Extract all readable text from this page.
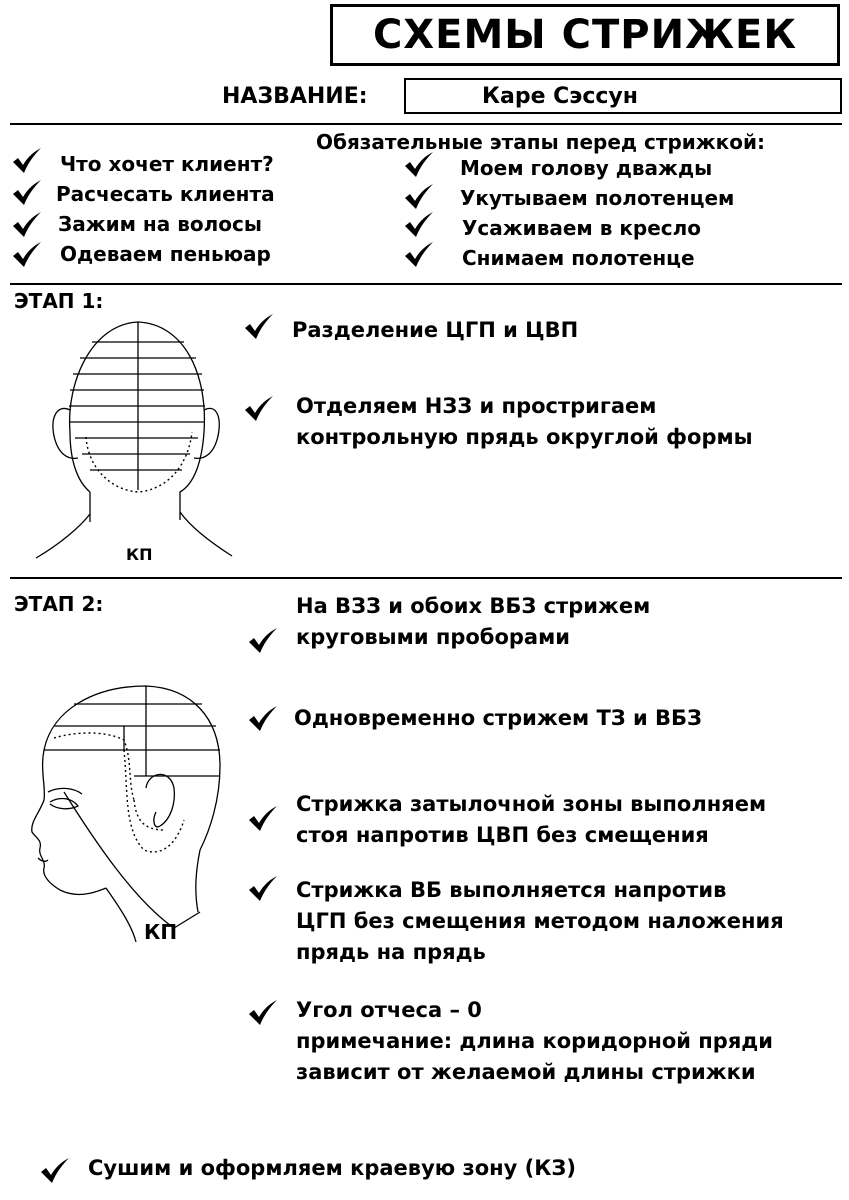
СХЕМЫ СТРИЖЕК
НАЗВАНИЕ:	Каре Сэссун
Обязательные этапы перед стрижкой:
Что хочет клиент?
Расчесать клиента
Зажим на волосы
Одеваем пеньюар
Моем голову дважды
Укутываем полотенцем
Усаживаем в кресло
Снимаем полотенце
ЭТАП 1:
КП
Разделение ЦГП и ЦВП
Отделяем НЗЗ и простригаем
контрольную прядь округлой формы
ЭТАП 2:
КП
На ВЗЗ и обоих ВБЗ стрижем
круговыми проборами
Одновременно стрижем ТЗ и ВБЗ
Стрижка затылочной зоны выполняем
стоя напротив ЦВП без смещения
Стрижка ВБ выполняется напротив
ЦГП без смещения методом наложения
прядь на прядь
Угол отчеса – 0
примечание: длина коридорной пряди
зависит от желаемой длины стрижки
Сушим и оформляем краевую зону (КЗ)
